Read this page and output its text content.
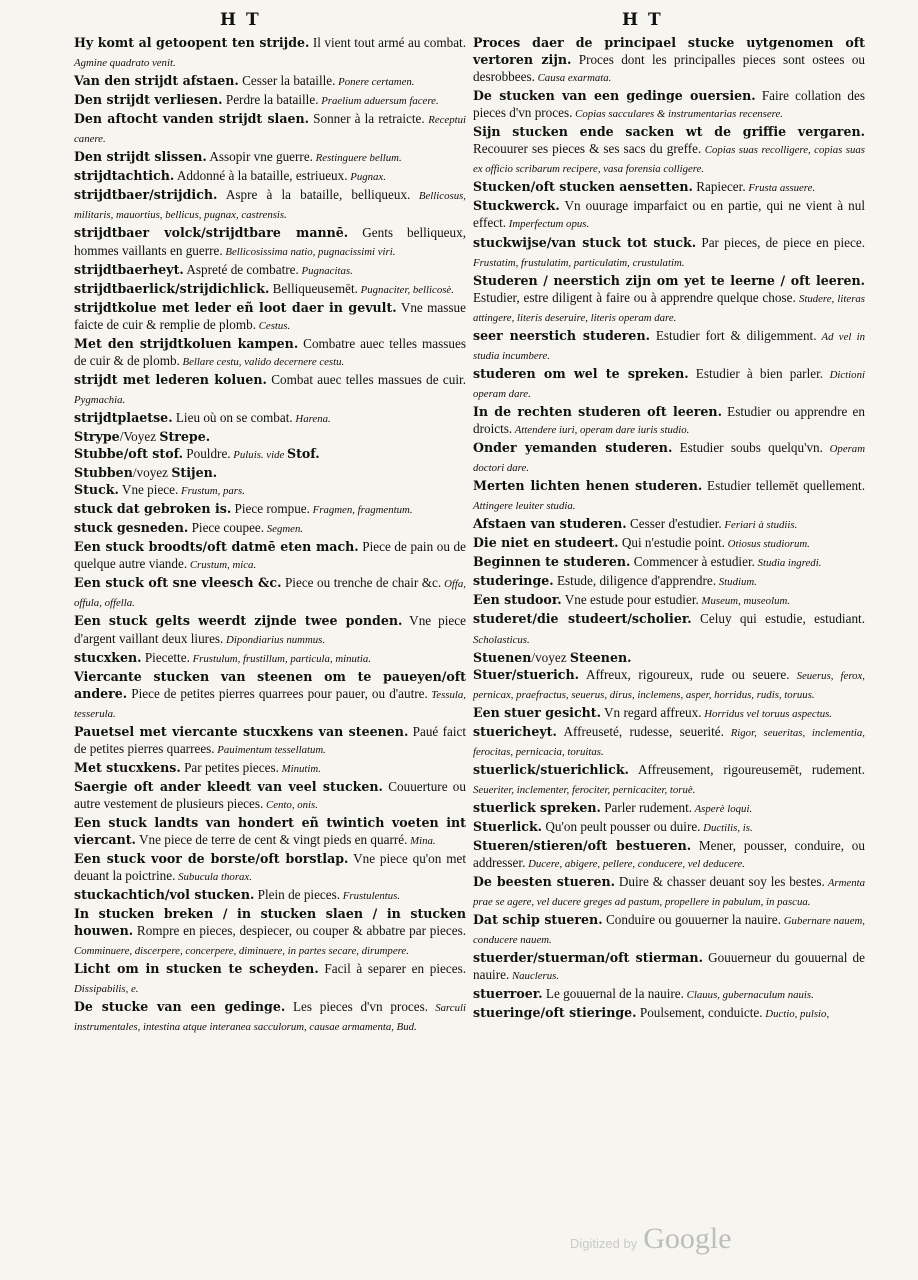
H T	H T

Hy komt al getoopent ten strijde. Il vient tout armé au combat. Agmine quadrato venit.

Van den strijdt afstaen. Cesser la bataille. Ponere certamen.

Den strijdt verliesen. Perdre la bataille. Praelium aduersum facere.

Den aftocht vanden strijdt slaen. Sonner à la retraicte. Receptui canere.

Den strijdt slissen. Assopir vne guerre. Restinguere bellum.

strijdtachtich. Addonné à la bataille, estriueux. Pugnax.

strijdtbaer/strijdich. Aspre à la bataille, belliqueux. Bellicosus, militaris, mauortius, bellicus, pugnax, castrensis.

strijdtbaer volck/strijdtbare mannē. Gents belliqueux, hommes vaillants en guerre. Bellicosissima natio, pugnacissimi viri.

strijdtbaerheyt. Aspreté de combatre. Pugnacitas.

strijdtbaerlick/strijdichlick. Belliqueusemēt. Pugnaciter, bellicosè.

strijdtkolue met leder eñ loot daer in gevult. Vne massue faicte de cuir & remplie de plomb. Cestus.

Met den strijdtkoluen kampen. Combatre auec telles massues de cuir & de plomb. Bellare cestu, valido decernere cestu.

strijdt met lederen koluen. Combat auec telles massues de cuir. Pygmachia.

strijdtplaetse. Lieu où on se combat. Harena.

Strype/Voyez Strepe.

Stubbe/oft stof. Pouldre. Puluis. vide Stof.

Stubben/voyez Stijen.

Stuck. Vne piece. Frustum, pars.

stuck dat gebroken is. Piece rompue. Fragmen, fragmentum.

stuck gesneden. Piece coupee. Segmen.

Een stuck broodts/oft datmē eten mach. Piece de pain ou de quelque autre viande. Crustum, mica.

Een stuck oft sne vleesch &c. Piece ou trenche de chair &c. Offa, offula, offella.

Een stuck gelts weerdt zijnde twee ponden. Vne piece d'argent vaillant deux liures. Dipondiarius nummus.

stucxken. Piecette. Frustulum, frustillum, particula, minutia.

Viercante stucken van steenen om te paueyen/oft andere. Piece de petites pierres quarrees pour pauer, ou d'autre. Tessula, tesserula.

Pauetsel met viercante stucxkens van steenen. Paué faict de petites pierres quarrees. Pauimentum tessellatum.

Met stucxkens. Par petites pieces. Minutim.

Saergie oft ander kleedt van veel stucken. Couuerture ou autre vestement de plusieurs pieces. Cento, onis.

Een stuck landts van hondert eñ twintich voeten int viercant. Vne piece de terre de cent & vingt pieds en quarré. Mina.

Een stuck voor de borste/oft borstlap. Vne piece qu'on met deuant la poictrine. Subucula thorax.

stuckachtich/vol stucken. Plein de pieces. Frustulentus.

In stucken breken / in stucken slaen / in stucken houwen. Rompre en pieces, despiecer, ou couper & abbatre par pieces. Comminuere, discerpere, concerpere, diminuere, in partes secare, dirumpere.

Licht om in stucken te scheyden. Facil à separer en pieces. Dissipabilis, e.

De stucke van een gedinge. Les pieces d'vn proces. Sarculi instrumentales, intestina atque interanea sacculorum, causae armamenta, Bud.

Proces daer de principael stucke uytgenomen oft vertoren zijn. Proces dont les principalles pieces sont ostees ou desrobbees. Causa exarmata.

De stucken van een gedinge ouersien. Faire collation des pieces d'vn proces. Copias sacculares & instrumentarias recensere.

Sijn stucken ende sacken wt de griffie vergaren. Recouurer ses pieces & ses sacs du greffe. Copias suas recolligere, copias suas ex officio scribarum recipere, vasa forensia colligere.

Stucken/oft stucken aensetten. Rapiecer. Frusta assuere.

Stuckwerck. Vn ouurage imparfaict ou en partie, qui ne vient à nul effect. Imperfectum opus.

stuckwijse/van stuck tot stuck. Par pieces, de piece en piece. Frustatim, frustulatim, particulatim, crustulatim.

Studeren / neerstich zijn om yet te leerne / oft leeren. Estudier, estre diligent à faire ou à apprendre quelque chose. Studere, literas attingere, literis deseruire, literis operam dare.

seer neerstich studeren. Estudier fort & diligemment. Ad vel in studia incumbere.

studeren om wel te spreken. Estudier à bien parler. Dictioni operam dare.

In de rechten studeren oft leeren. Estudier ou apprendre en droicts. Attendere iuri, operam dare iuris studio.

Onder yemanden studeren. Estudier soubs quelqu'vn. Operam doctori dare.

Merten lichten henen studeren. Estudier tellemēt quellement. Attingere leuiter studia.

Afstaen van studeren. Cesser d'estudier. Feriari à studiis.

Die niet en studeert. Qui n'estudie point. Otiosus studiorum.

Beginnen te studeren. Commencer à estudier. Studia ingredi.

studeringe. Estude, diligence d'apprendre. Studium.

Een studoor. Vne estude pour estudier. Museum, museolum.

studeret/die studeert/scholier. Celuy qui estudie, estudiant. Scholasticus.

Stuenen/voyez Steenen.

Stuer/stuerich. Affreux, rigoureux, rude ou seuere. Seuerus, ferox, pernicax, praefractus, seuerus, dirus, inclemens, asper, horridus, rudis, toruus.

Een stuer gesicht. Vn regard affreux. Horridus vel toruus aspectus.

stuericheyt. Affreuseté, rudesse, seuerité. Rigor, seueritas, inclementia, ferocitas, pernicacia, toruitas.

stuerlick/stuerichlick. Affreusement, rigoureusemēt, rudement. Seueriter, inclementer, ferociter, pernicaciter, toruè.

stuerlick spreken. Parler rudement. Asperè loqui.

Stuerlick. Qu'on peult pousser ou duire. Ductilis, is.

Stueren/stieren/oft bestueren. Mener, pousser, conduire, ou addresser. Ducere, abigere, pellere, conducere, vel deducere.

De beesten stueren. Duire & chasser deuant soy les bestes. Armenta prae se agere, vel ducere greges ad pastum, propellere in pabulum, in pascua.

Dat schip stueren. Conduire ou gouuerner la nauire. Gubernare nauem, conducere nauem.

stuerder/stuerman/oft stierman. Gouuerneur du gouuernal de nauire. Nauclerus.

stuerroer. Le gouuernal de la nauire. Clauus, gubernaculum nauis.

stueringe/oft stieringe. Poulsement, conduicte. Ductio, pulsio,

Digitized by Google
